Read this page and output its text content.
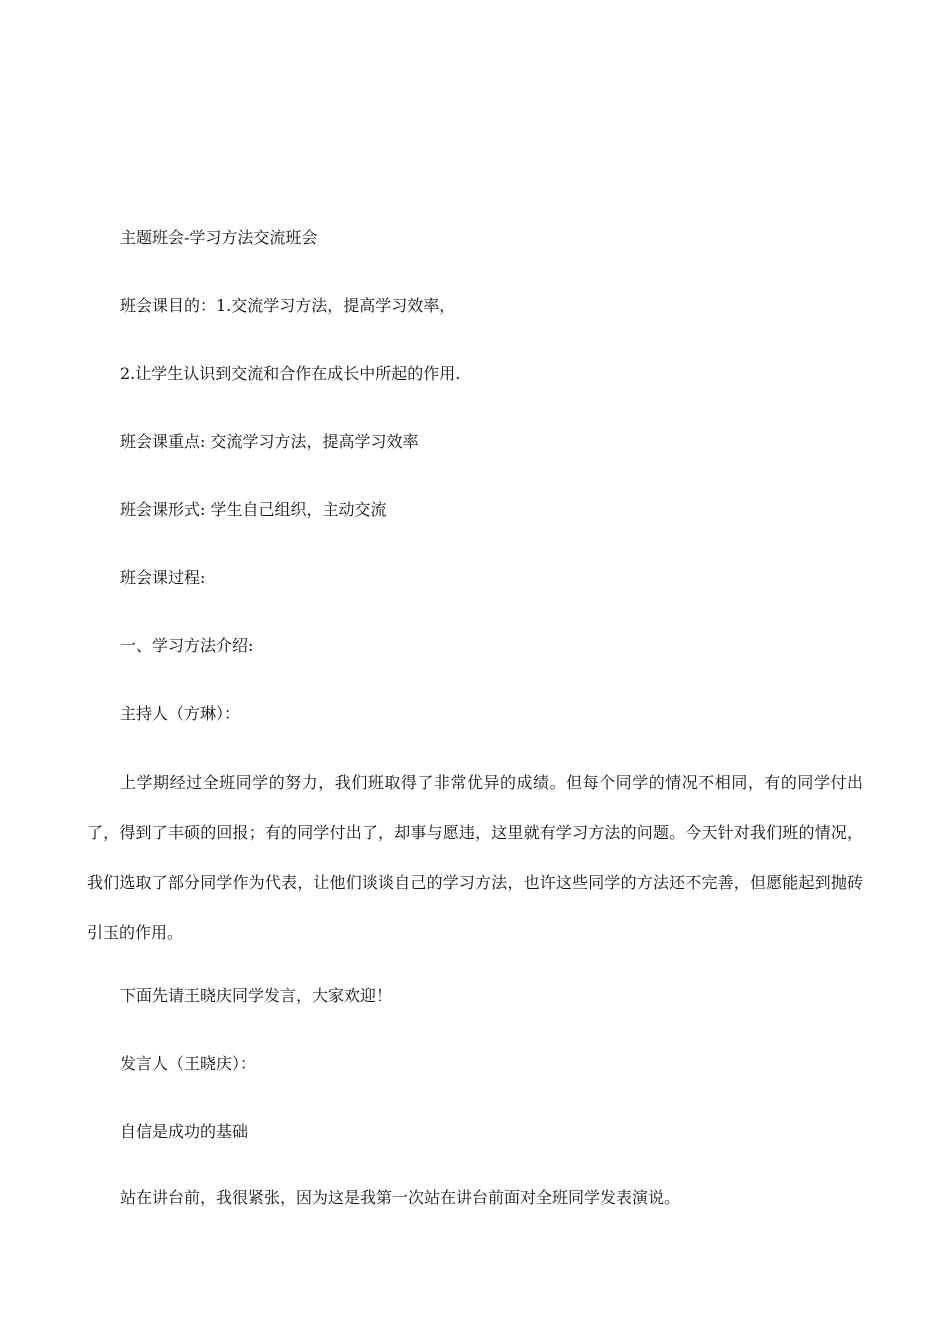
主题班会-学习方法交流班会
班会课目的：1.交流学习方法，提高学习效率，
2.让学生认识到交流和合作在成长中所起的作用.
班会课重点: 交流学习方法，提高学习效率
班会课形式: 学生自己组织，主动交流
班会课过程:
一、学习方法介绍:
主持人（方琳）：

上学期经过全班同学的努力，我们班取得了非常优异的成绩。但每个同学的情况不相同，有的同学付出了，得到了丰硕的回报；有的同学付出了，却事与愿违，这里就有学习方法的问题。今天针对我们班的情况，我们选取了部分同学作为代表，让他们谈谈自己的学习方法，也许这些同学的方法还不完善，但愿能起到抛砖引玉的作用。

下面先请王晓庆同学发言，大家欢迎！
发言人（王晓庆）：
自信是成功的基础
站在讲台前，我很紧张，因为这是我第一次站在讲台前面对全班同学发表演说。
